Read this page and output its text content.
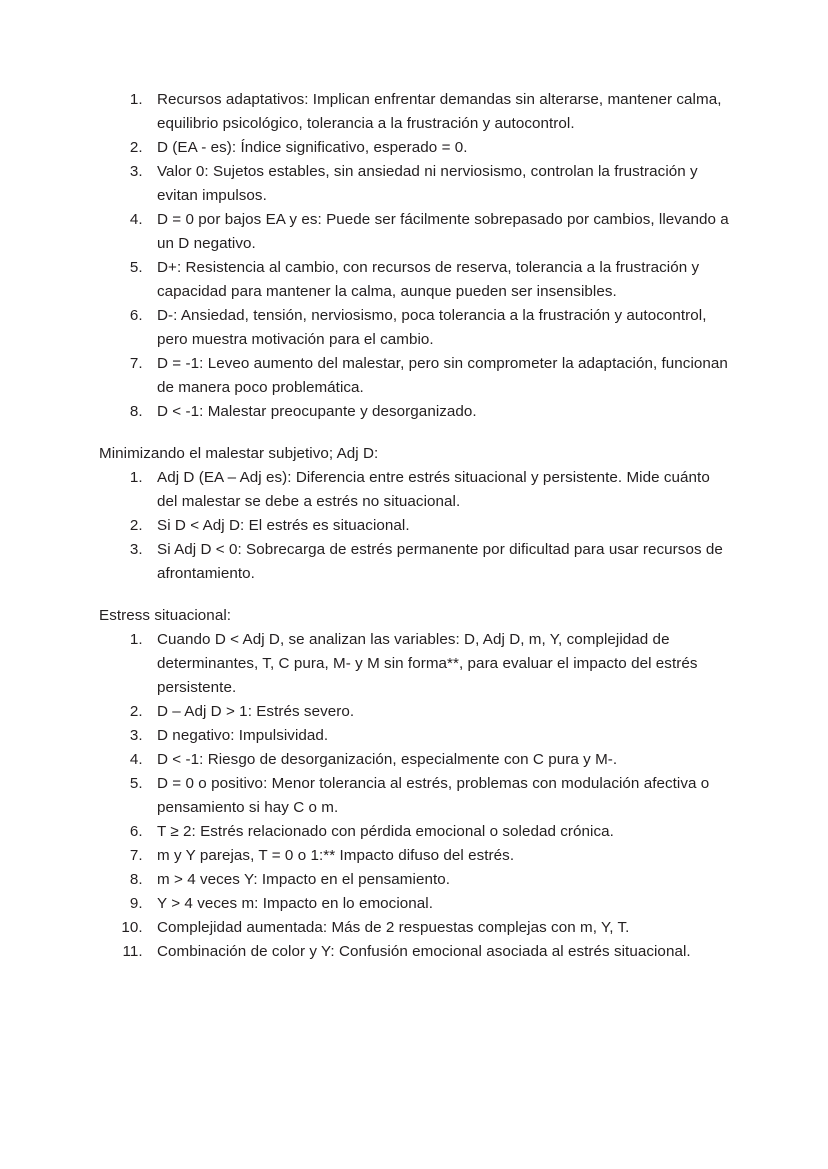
1. Recursos adaptativos: Implican enfrentar demandas sin alterarse, mantener calma, equilibrio psicológico, tolerancia a la frustración y autocontrol.
2. D (EA - es): Índice significativo, esperado = 0.
3. Valor 0: Sujetos estables, sin ansiedad ni nerviosismo, controlan la frustración y evitan impulsos.
4. D = 0 por bajos EA y es: Puede ser fácilmente sobrepasado por cambios, llevando a un D negativo.
5. D+: Resistencia al cambio, con recursos de reserva, tolerancia a la frustración y capacidad para mantener la calma, aunque pueden ser insensibles.
6. D-: Ansiedad, tensión, nerviosismo, poca tolerancia a la frustración y autocontrol, pero muestra motivación para el cambio.
7. D = -1: Leveo aumento del malestar, pero sin comprometer la adaptación, funcionan de manera poco problemática.
8. D < -1: Malestar preocupante y desorganizado.

Minimizando el malestar subjetivo; Adj D:

1. Adj D (EA – Adj es): Diferencia entre estrés situacional y persistente. Mide cuánto del malestar se debe a estrés no situacional.
2. Si D < Adj D: El estrés es situacional.
3. Si Adj D < 0: Sobrecarga de estrés permanente por dificultad para usar recursos de afrontamiento.

Estress situacional:

1. Cuando D < Adj D, se analizan las variables: D, Adj D, m, Y, complejidad de determinantes, T, C pura, M- y M sin forma**, para evaluar el impacto del estrés persistente.
2. D – Adj D > 1: Estrés severo.
3. D negativo: Impulsividad.
4. D < -1: Riesgo de desorganización, especialmente con C pura y M-.
5. D = 0 o positivo: Menor tolerancia al estrés, problemas con modulación afectiva o pensamiento si hay C o m.
6. T ≥ 2: Estrés relacionado con pérdida emocional o soledad crónica.
7. m y Y parejas, T = 0 o 1:** Impacto difuso del estrés.
8. m > 4 veces Y: Impacto en el pensamiento.
9. Y > 4 veces m: Impacto en lo emocional.
10. Complejidad aumentada: Más de 2 respuestas complejas con m, Y, T.
11. Combinación de color y Y: Confusión emocional asociada al estrés situacional.
